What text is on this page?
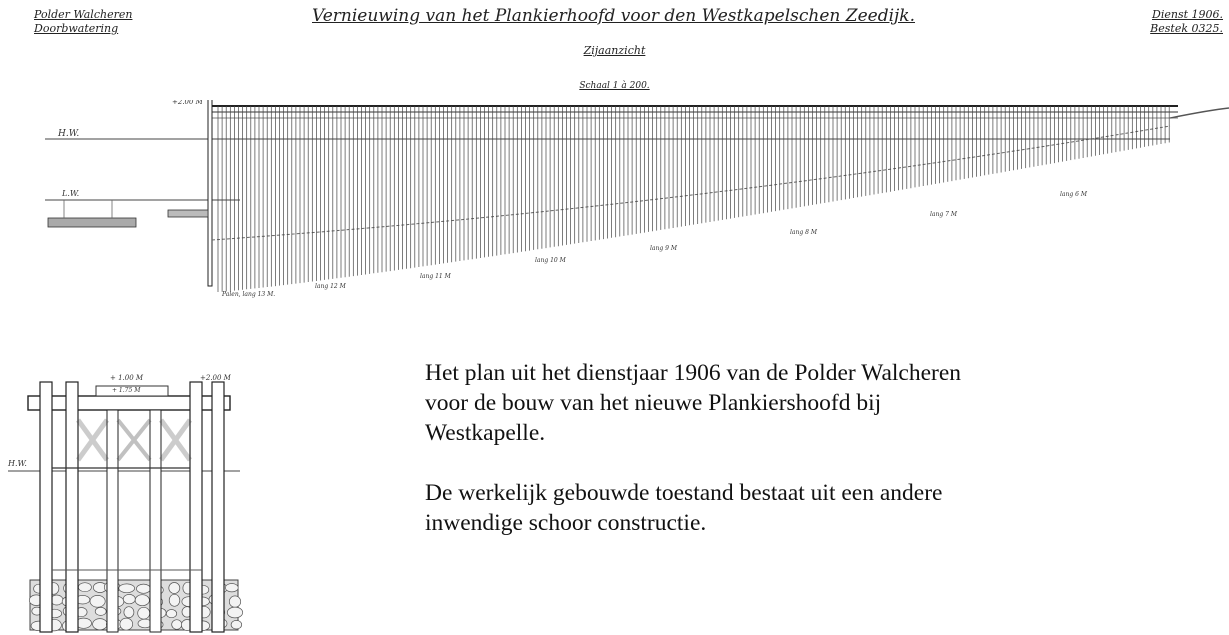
Polder Walcheren
Doorbwatering
Vernieuwing van het Plankierhoofd voor den Westkapelschen Zeedijk.
Zijaanzicht
Schaal 1 à 200.
Dienst 1906.
Bestek 0325.
+2.00 M
H.W.
L.W.
Palen, lang 13 M.
lang 12 M
lang 11 M
lang 10 M
lang 9 M
lang 8 M
lang 7 M
lang 6 M
+2.00 M
+ 1.00 M
+ 1.75 M
H.W.

Het plan uit het dienstjaar 1906 van de Polder Walcheren voor de bouw van het nieuwe Plankiershoofd bij Westkapelle.

De werkelijk gebouwde toestand bestaat uit een andere inwendige schoor constructie.
